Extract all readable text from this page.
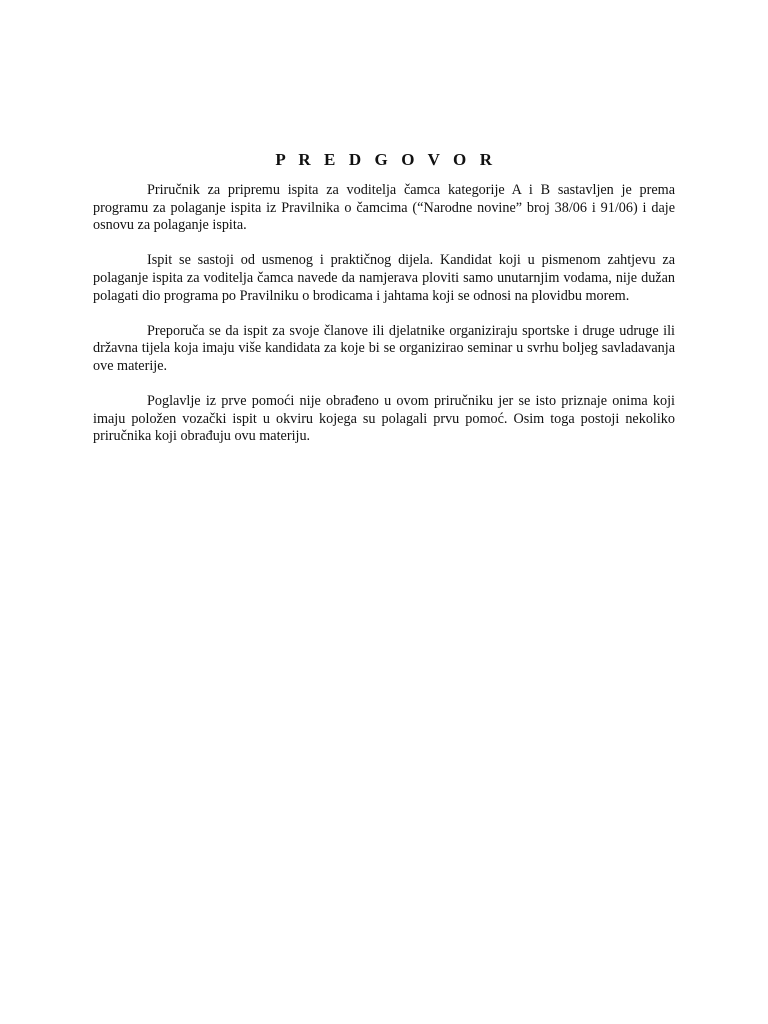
P R E D G O V O R

Priručnik za pripremu ispita za voditelja čamca kategorije A i B sastavljen je prema programu za polaganje ispita iz Pravilnika o čamcima (“Narodne novine” broj 38/06 i 91/06) i daje osnovu za polaganje ispita.

Ispit se sastoji od usmenog i praktičnog dijela. Kandidat koji u pismenom zahtjevu za polaganje ispita za voditelja čamca navede da namjerava ploviti samo unutarnjim vodama, nije dužan polagati dio programa po Pravilniku o brodicama i jahtama koji se odnosi na plovidbu morem.

Preporuča se da ispit za svoje članove ili djelatnike organiziraju sportske i druge udruge ili državna tijela koja imaju više kandidata za koje bi se organizirao seminar u svrhu boljeg savladavanja ove materije.

Poglavlje iz prve pomoći nije obrađeno u ovom priručniku jer se isto priznaje onima koji imaju položen vozački ispit u okviru kojega su polagali prvu pomoć. Osim toga postoji nekoliko priručnika koji obrađuju ovu materiju.
